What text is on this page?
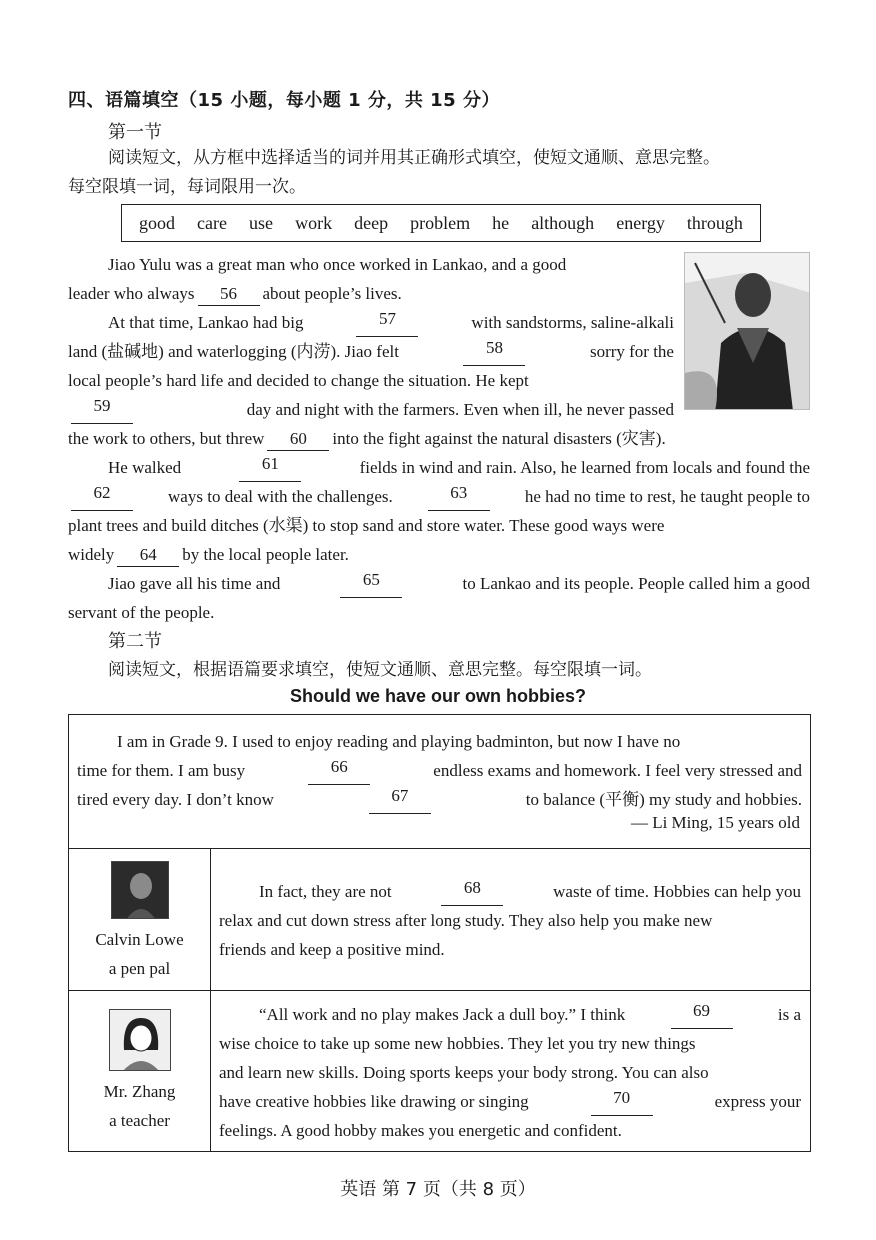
四、语篇填空（15 小题，每小题 1 分，共 15 分）
第一节
阅读短文，从方框中选择适当的词并用其正确形式填空，使短文通顺、意思完整。
每空限填一词，每词限用一次。
good care use work deep problem he although energy through
Jiao Yulu was a great man who once worked in Lankao, and a good
leader who always 56 about people’s lives.
At that time, Lankao had big	57	with sandstorms, saline-alkali
land (盐碱地) and waterlogging (内涝). Jiao felt	58	sorry for the
local people’s hard life and decided to change the situation. He kept
59	day and night with the farmers. Even when ill, he never passed
the work to others, but threw 60 into the fight against the natural disasters (灾害).
He walked	61	fields in wind and rain. Also, he learned from locals and found the
62	ways to deal with the challenges.	63	he had no time to rest, he taught people to
plant trees and build ditches (水渠) to stop sand and store water. These good ways were
widely 64 by the local people later.
Jiao gave all his time and	65	to Lankao and its people. People called him a good
servant of the people.
第二节
阅读短文，根据语篇要求填空，使短文通顺、意思完整。每空限填一词。
Should we have our own hobbies?
I am in Grade 9. I used to enjoy reading and playing badminton, but now I have no
time for them. I am busy	66	endless exams and homework. I feel very stressed and
tired every day. I don’t know	67	to balance (平衡) my study and hobbies.
— Li Ming, 15 years old
Calvin Lowe
a pen pal
In fact, they are not	68	waste of time. Hobbies can help you
relax and cut down stress after long study. They also help you make new
friends and keep a positive mind.
Mr. Zhang
a teacher
“All work and no play makes Jack a dull boy.” I think	69	is a
wise choice to take up some new hobbies. They let you try new things
and learn new skills. Doing sports keeps your body strong. You can also
have creative hobbies like drawing or singing	70	express your
feelings. A good hobby makes you energetic and confident.
英语 第 7 页（共 8 页）
